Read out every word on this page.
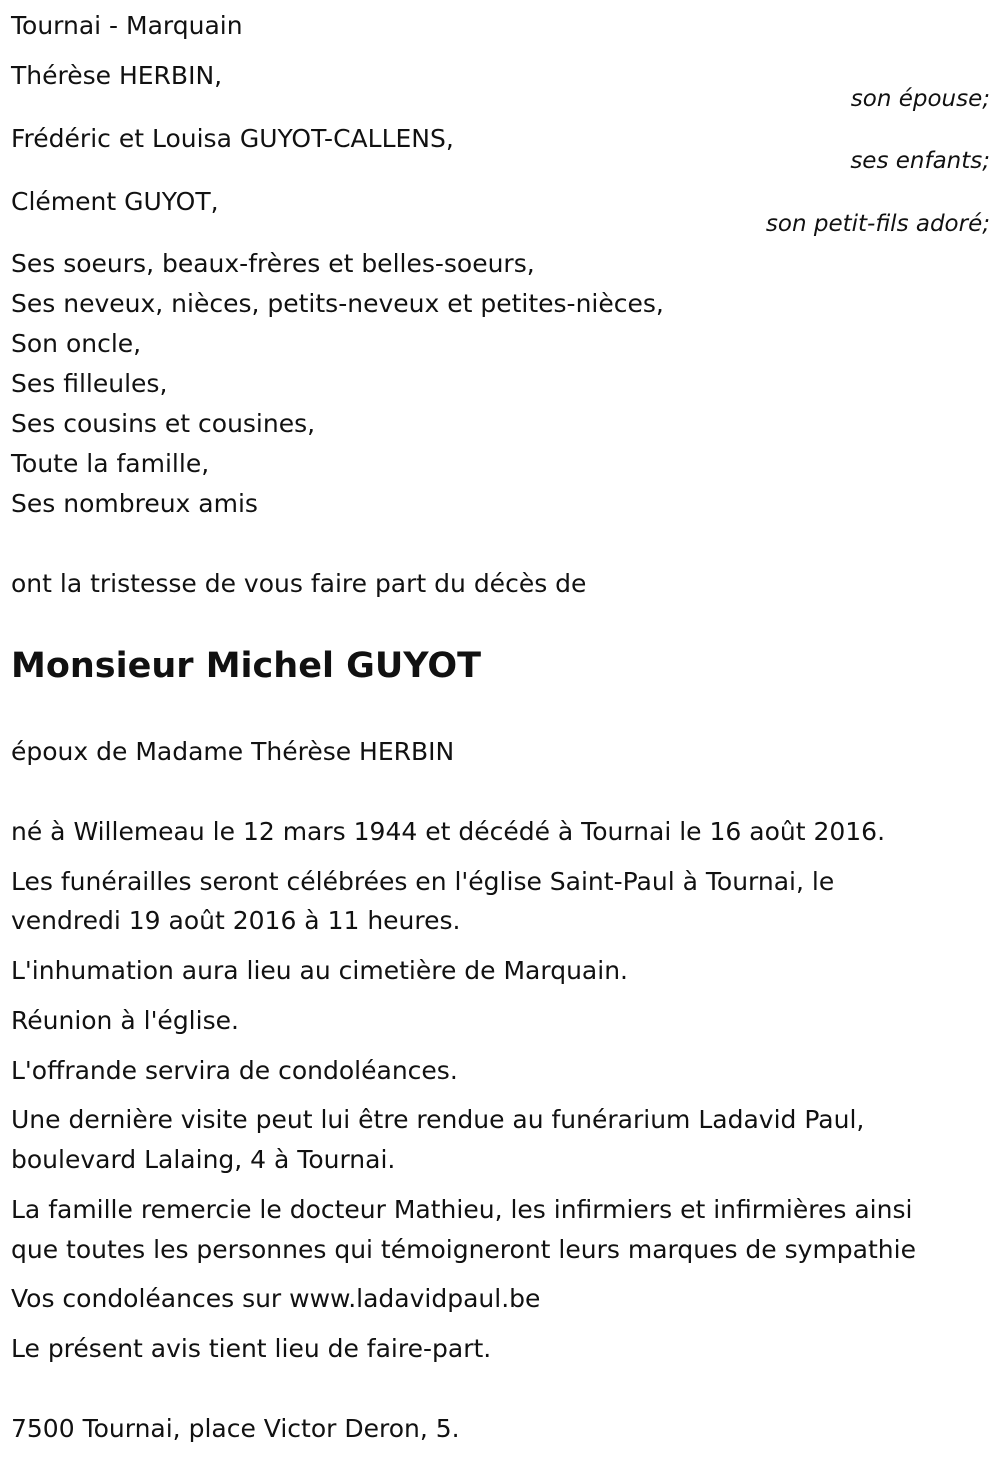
Tournai - Marquain

Thérèse HERBIN,

son épouse;

Frédéric et Louisa GUYOT-CALLENS,

ses enfants;

Clément GUYOT,

son petit-fils adoré;

Ses soeurs, beaux-frères et belles-soeurs,

Ses neveux, nièces, petits-neveux et petites-nièces,

Son oncle,

Ses filleules,

Ses cousins et cousines,

Toute la famille,

Ses nombreux amis

ont la tristesse de vous faire part du décès de

Monsieur Michel GUYOT

époux de Madame Thérèse HERBIN

né à Willemeau le 12 mars 1944 et décédé à Tournai le 16 août 2016.

Les funérailles seront célébrées en l'église Saint-Paul à Tournai, le

vendredi 19 août 2016 à 11 heures.

L'inhumation aura lieu au cimetière de Marquain.

Réunion à l'église.

L'offrande servira de condoléances.

Une dernière visite peut lui être rendue au funérarium Ladavid Paul,

boulevard Lalaing, 4 à Tournai.

La famille remercie le docteur Mathieu, les infirmiers et infirmières ainsi

que toutes les personnes qui témoigneront leurs marques de sympathie

Vos condoléances sur www.ladavidpaul.be

Le présent avis tient lieu de faire-part.

7500 Tournai, place Victor Deron, 5.
